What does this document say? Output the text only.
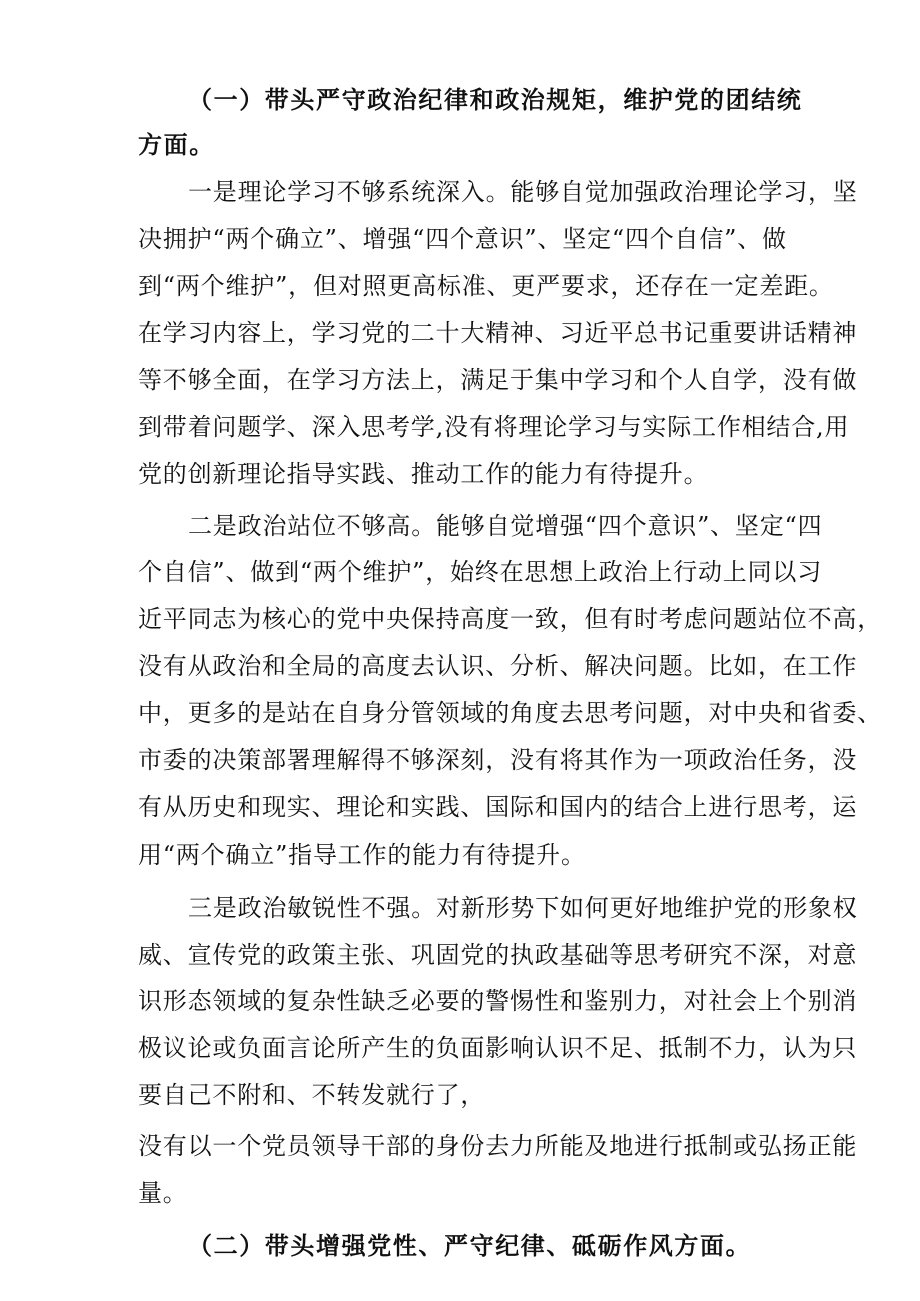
（一）带头严守政治纪律和政治规矩，维护党的团结统
方面。
一是理论学习不够系统深入。能够自觉加强政治理论学习，坚
决拥护“两个确立”、增强“四个意识”、坚定“四个自信”、做
到“两个维护”，但对照更高标准、更严要求，还存在一定差距。
在学习内容上，学习党的二十大精神、习近平总书记重要讲话精神
等不够全面，在学习方法上，满足于集中学习和个人自学，没有做
到带着问题学、深入思考学,没有将理论学习与实际工作相结合,用
党的创新理论指导实践、推动工作的能力有待提升。
二是政治站位不够高。能够自觉增强“四个意识”、坚定“四
个自信”、做到“两个维护”，始终在思想上政治上行动上同以习
近平同志为核心的党中央保持高度一致，但有时考虑问题站位不高，
没有从政治和全局的高度去认识、分析、解决问题。比如，在工作
中，更多的是站在自身分管领域的角度去思考问题，对中央和省委、
市委的决策部署理解得不够深刻，没有将其作为一项政治任务，没
有从历史和现实、理论和实践、国际和国内的结合上进行思考，运
用“两个确立”指导工作的能力有待提升。
三是政治敏锐性不强。对新形势下如何更好地维护党的形象权
威、宣传党的政策主张、巩固党的执政基础等思考研究不深，对意
识形态领域的复杂性缺乏必要的警惕性和鉴别力，对社会上个别消
极议论或负面言论所产生的负面影响认识不足、抵制不力，认为只
要自己不附和、不转发就行了，
没有以一个党员领导干部的身份去力所能及地进行抵制或弘扬正能
量。
（二）带头增强党性、严守纪律、砥砺作风方面。
